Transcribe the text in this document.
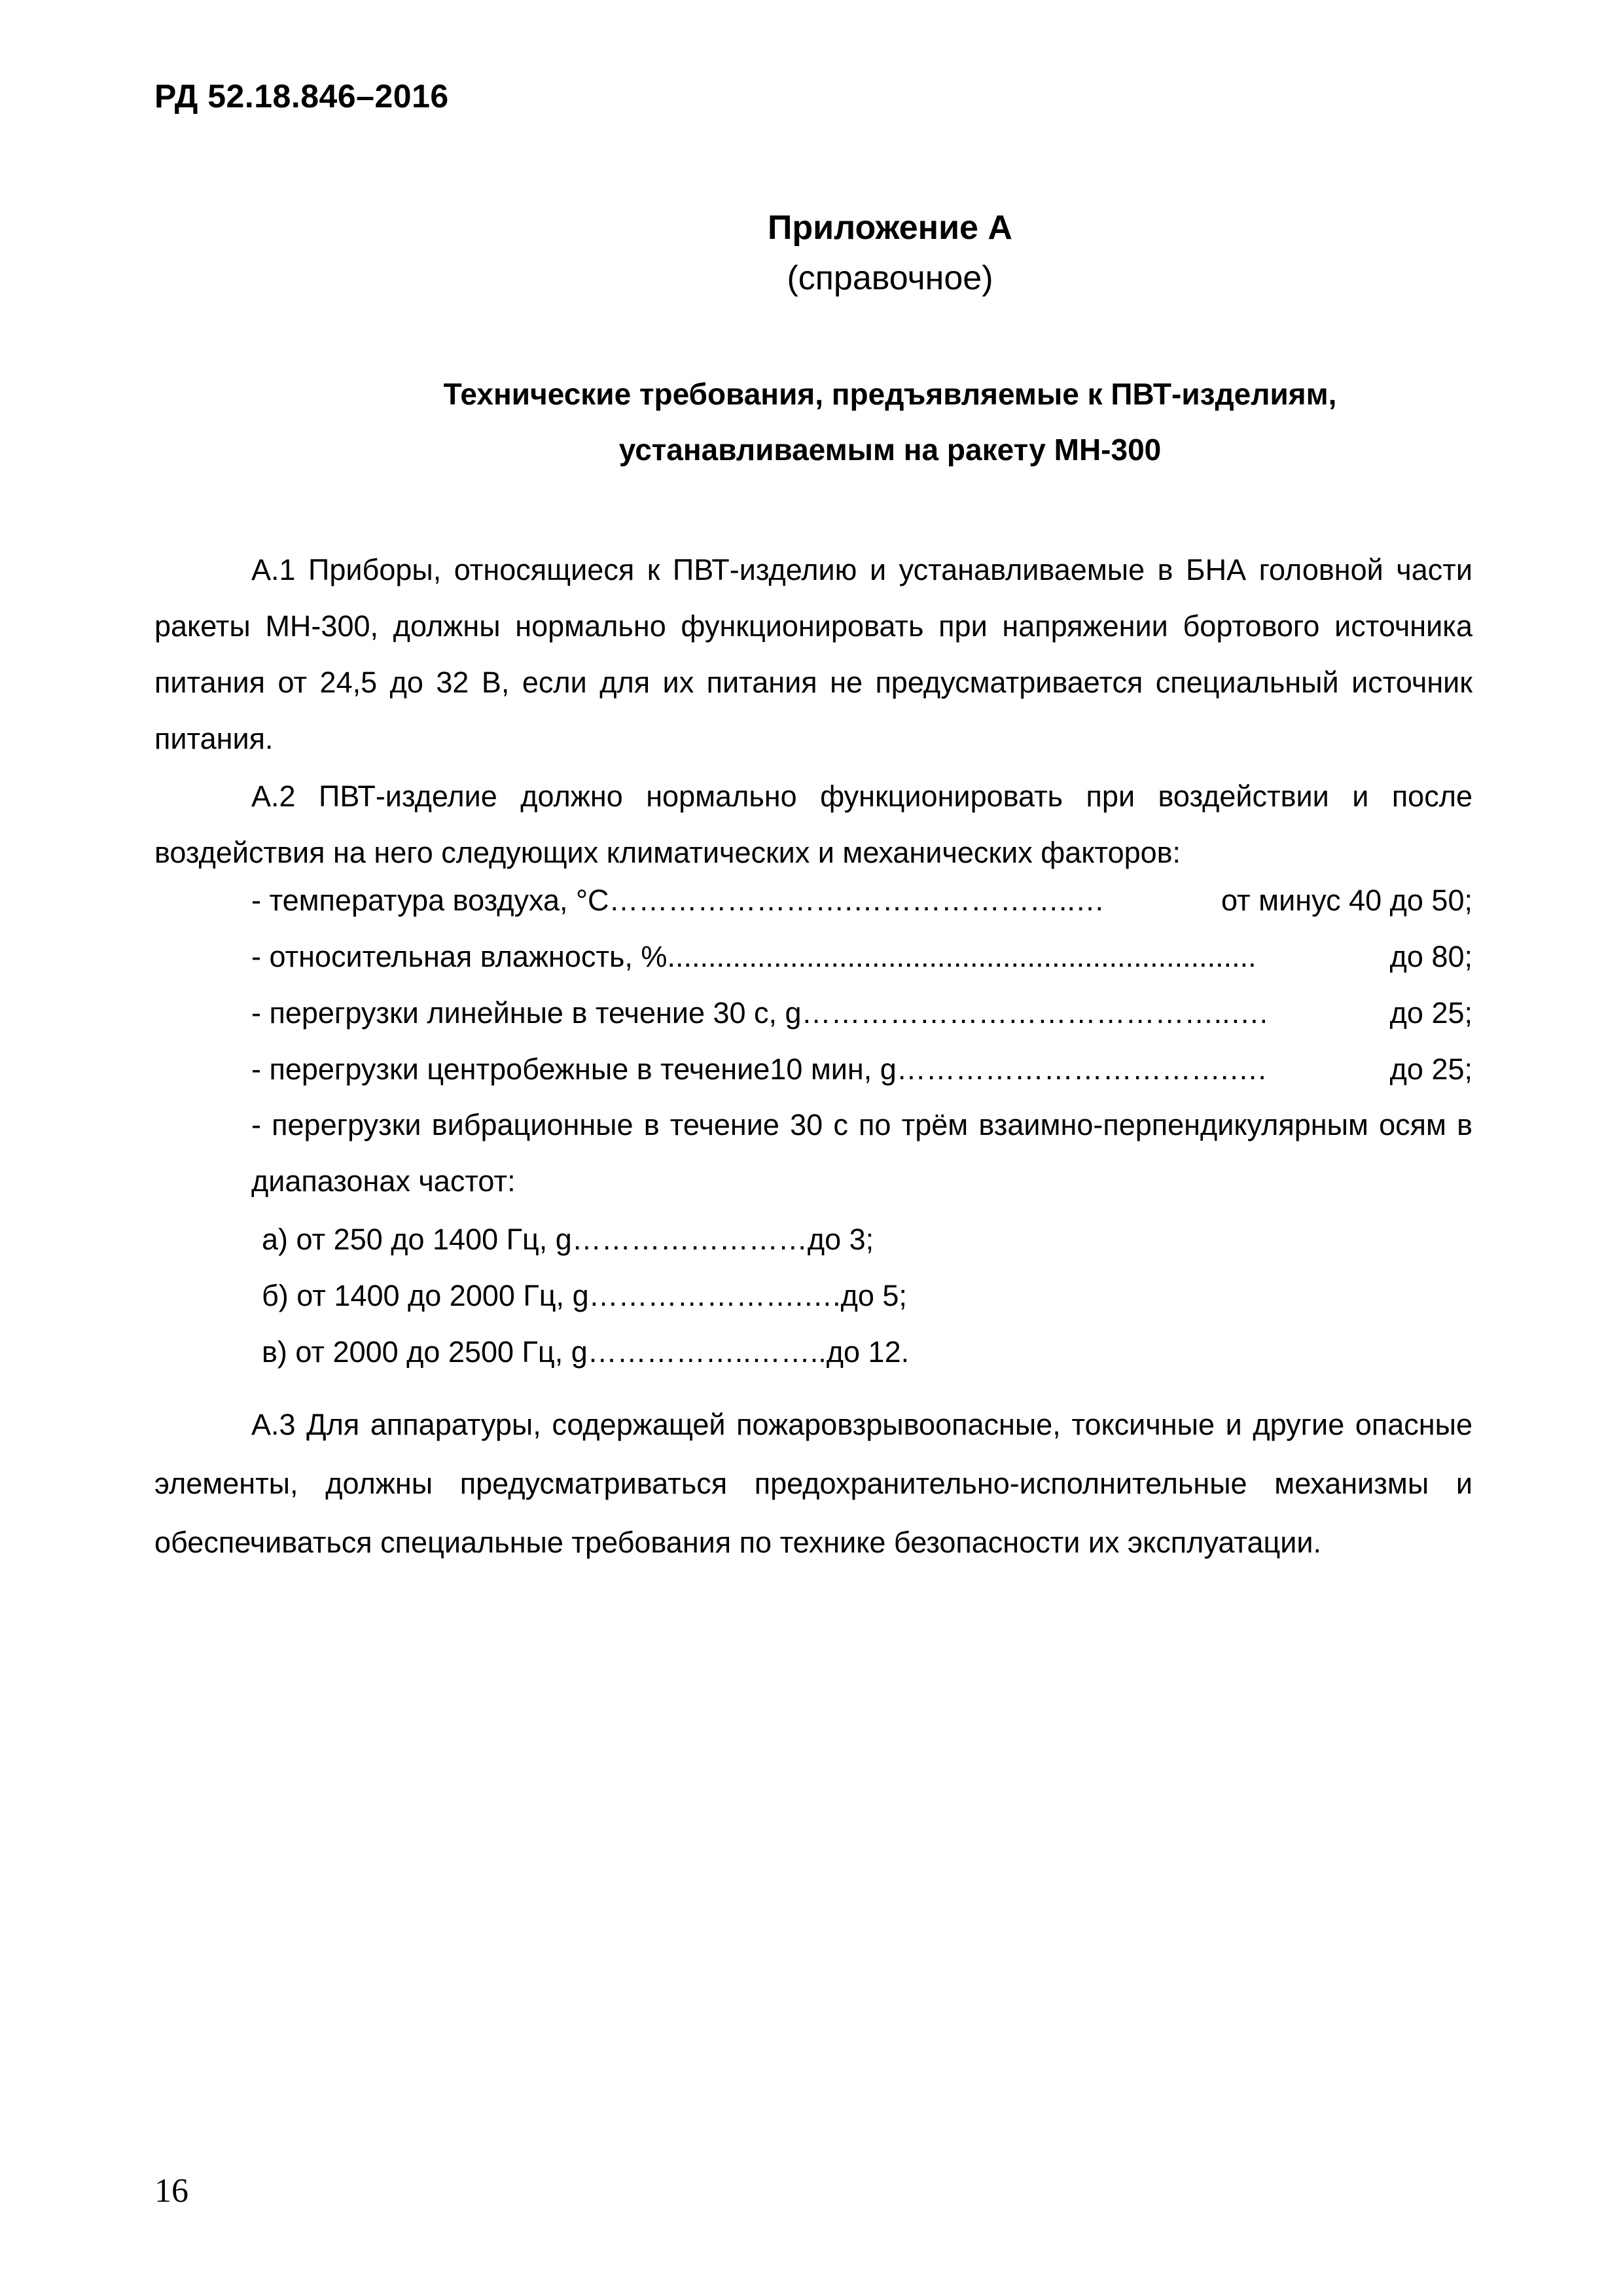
РД 52.18.846–2016
Приложение А
(справочное)
Технические требования, предъявляемые к ПВТ-изделиям,
устанавливаемым на ракету МН-300
А.1 Приборы, относящиеся к ПВТ-изделию и устанавливаемые в БНА головной части ракеты МН-300, должны нормально функционировать при напряжении бортового источника питания от 24,5 до 32 В, если для их питания не предусматривается специальный источник питания.
А.2 ПВТ-изделие должно нормально функционировать при воздействии и после воздействия на него следующих климатических и механических факторов:
- температура воздуха, °С …………………….…………………..…	от минус 40 до 50;
- относительная влажность, % ........................................................................	до 80;
- перегрузки линейные в течение 30 с, g ……………………………………..….	до 25;
- перегрузки центробежные в течение10 мин, g …………………………….….	до 25;
- перегрузки вибрационные в течение 30 с по трём взаимно-перпендикулярным осям в диапазонах частот:
а) от 250 до 1400 Гц, g……………………до 3;
б) от 1400 до 2000 Гц, g………………….….до 5;
в) от 2000 до 2500 Гц, g……………..……..до 12.
А.3 Для аппаратуры, содержащей пожаровзрывоопасные, токсичные и другие опасные элементы, должны предусматриваться предохранительно-исполнительные механизмы и обеспечиваться специальные требования по технике безопасности их эксплуатации.
16
